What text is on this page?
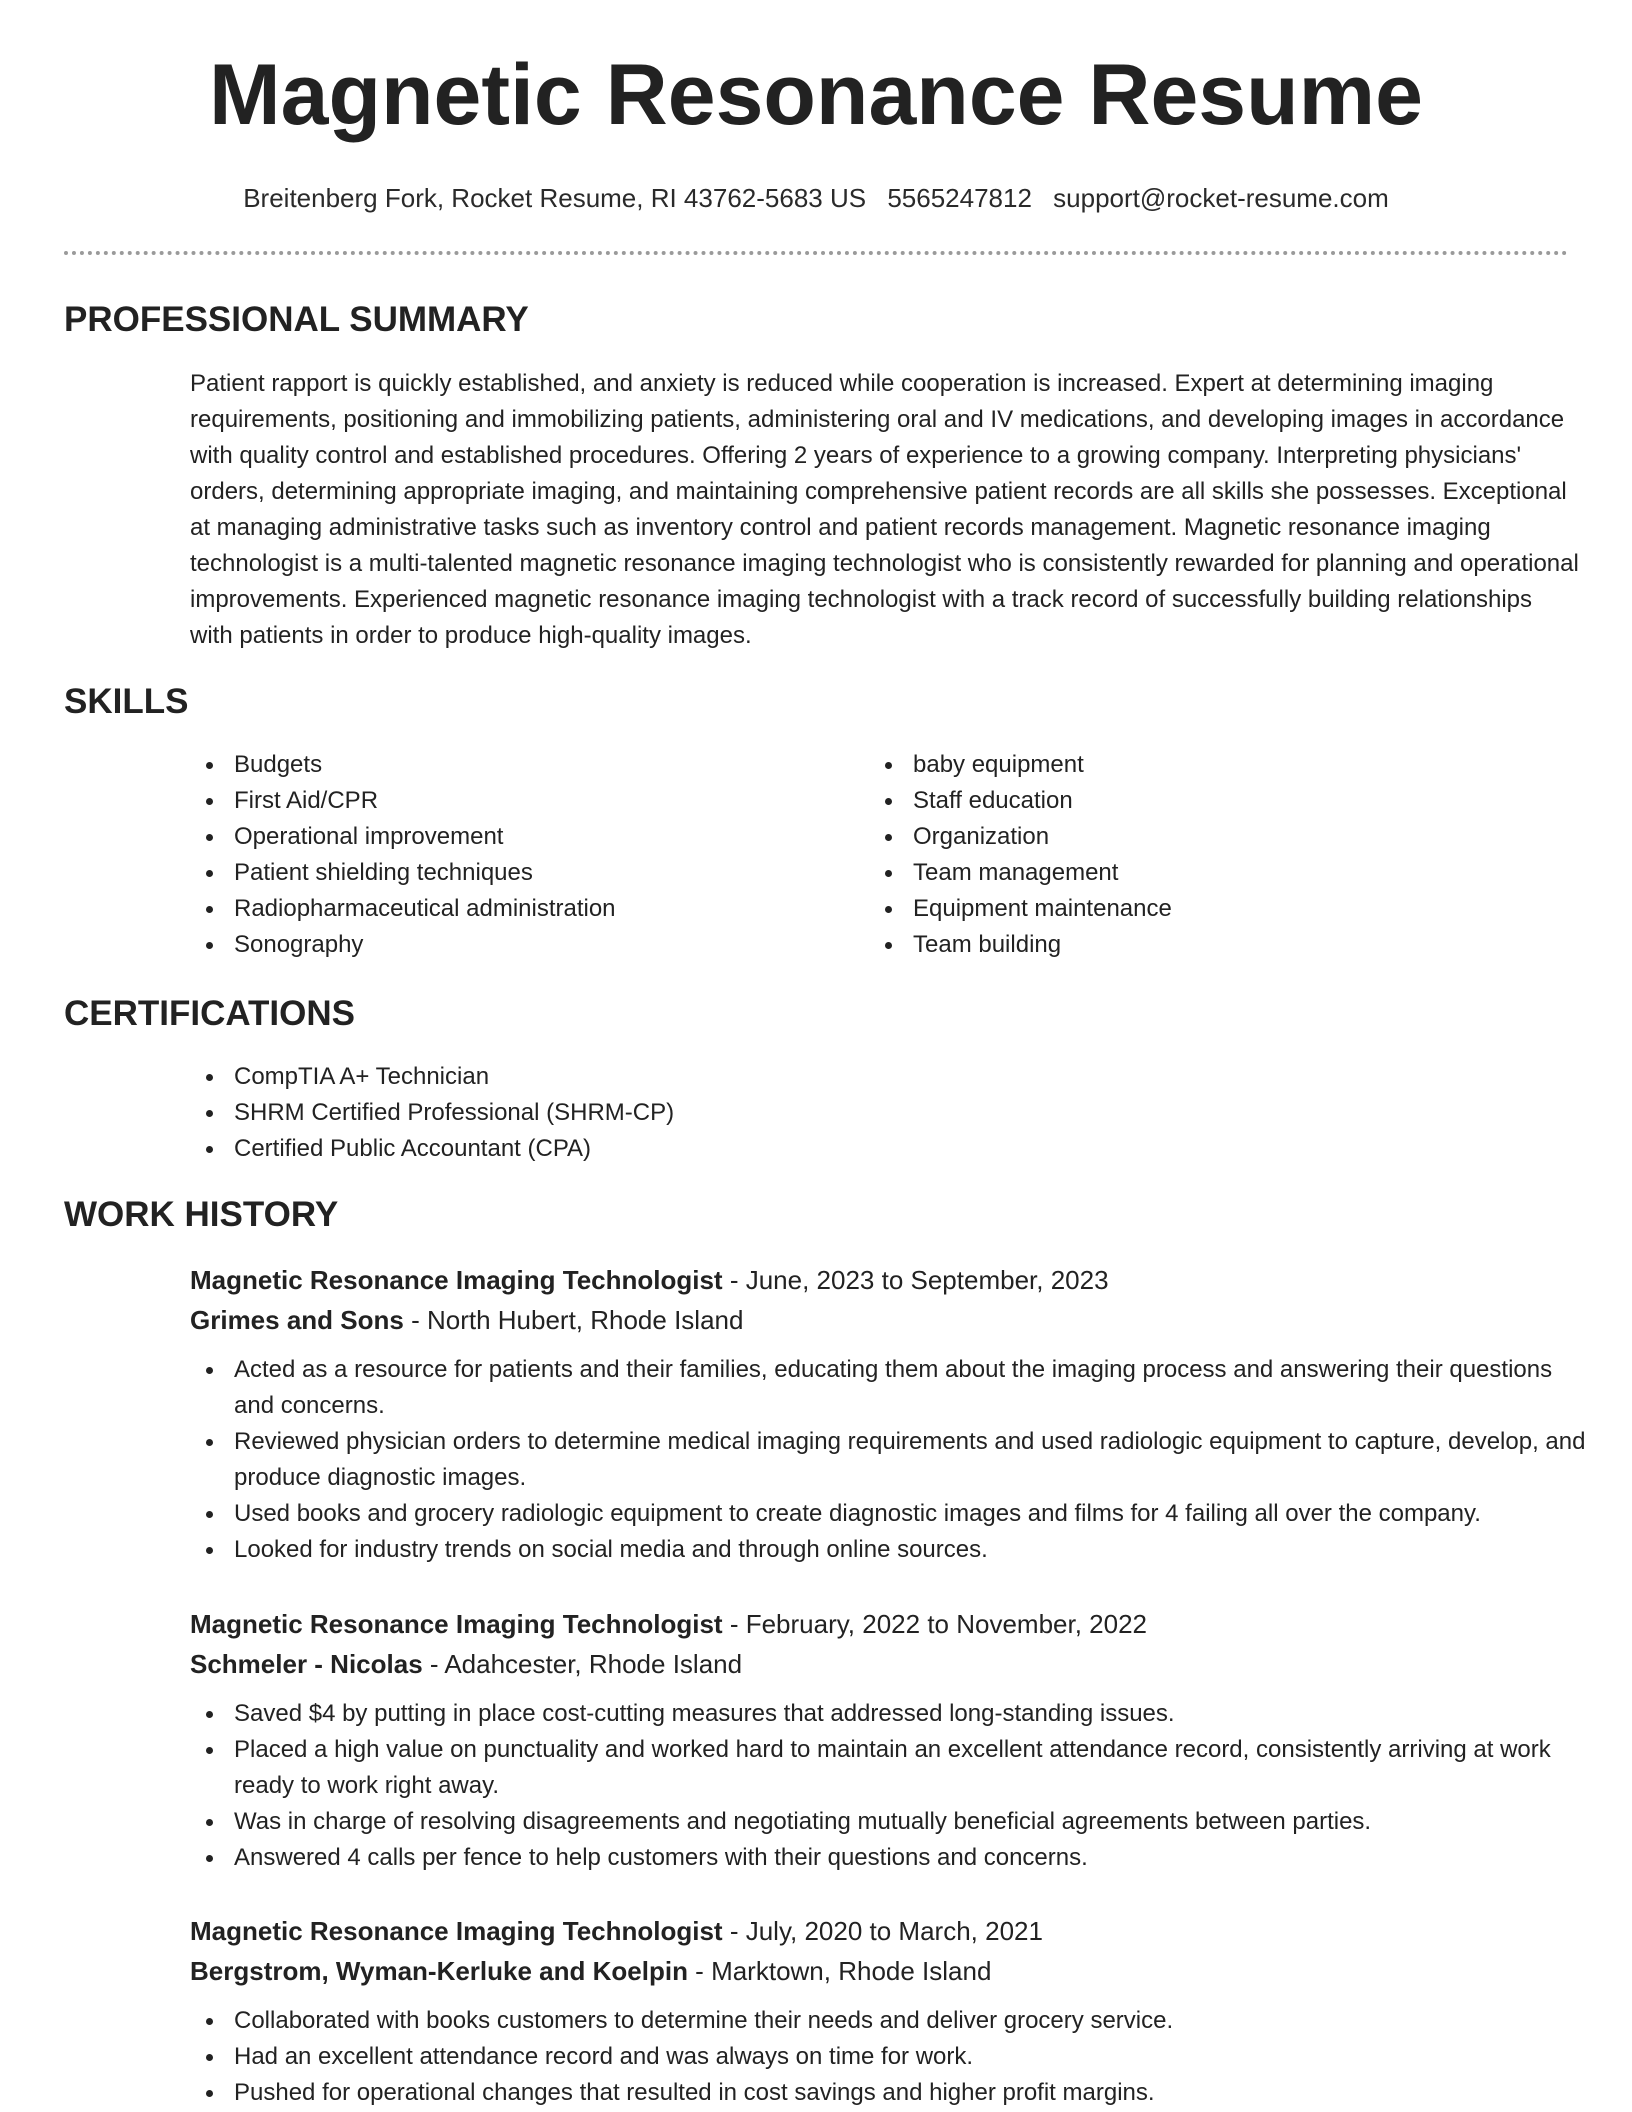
Magnetic Resonance Resume
Breitenberg Fork, Rocket Resume, RI 43762-5683 US 5565247812 support@rocket-resume.com
PROFESSIONAL SUMMARY

Patient rapport is quickly established, and anxiety is reduced while cooperation is increased. Expert at determining imaging requirements, positioning and immobilizing patients, administering oral and IV medications, and developing images in accordance with quality control and established procedures. Offering 2 years of experience to a growing company. Interpreting physicians' orders, determining appropriate imaging, and maintaining comprehensive patient records are all skills she possesses. Exceptional at managing administrative tasks such as inventory control and patient records management. Magnetic resonance imaging technologist is a multi-talented magnetic resonance imaging technologist who is consistently rewarded for planning and operational improvements. Experienced magnetic resonance imaging technologist with a track record of successfully building relationships with patients in order to produce high-quality images.

SKILLS
Budgets
First Aid/CPR
Operational improvement
Patient shielding techniques
Radiopharmaceutical administration
Sonography
baby equipment
Staff education
Organization
Team management
Equipment maintenance
Team building
CERTIFICATIONS
CompTIA A+ Technician
SHRM Certified Professional (SHRM-CP)
Certified Public Accountant (CPA)
WORK HISTORY
Magnetic Resonance Imaging Technologist - June, 2023 to September, 2023
Grimes and Sons - North Hubert, Rhode Island
Acted as a resource for patients and their families, educating them about the imaging process and answering their questions and concerns.
Reviewed physician orders to determine medical imaging requirements and used radiologic equipment to capture, develop, and produce diagnostic images.
Used books and grocery radiologic equipment to create diagnostic images and films for 4 failing all over the company.
Looked for industry trends on social media and through online sources.
Magnetic Resonance Imaging Technologist - February, 2022 to November, 2022
Schmeler - Nicolas - Adahcester, Rhode Island
Saved $4 by putting in place cost-cutting measures that addressed long-standing issues.
Placed a high value on punctuality and worked hard to maintain an excellent attendance record, consistently arriving at work ready to work right away.
Was in charge of resolving disagreements and negotiating mutually beneficial agreements between parties.
Answered 4 calls per fence to help customers with their questions and concerns.
Magnetic Resonance Imaging Technologist - July, 2020 to March, 2021
Bergstrom, Wyman-Kerluke and Koelpin - Marktown, Rhode Island
Collaborated with books customers to determine their needs and deliver grocery service.
Had an excellent attendance record and was always on time for work.
Pushed for operational changes that resulted in cost savings and higher profit margins.
